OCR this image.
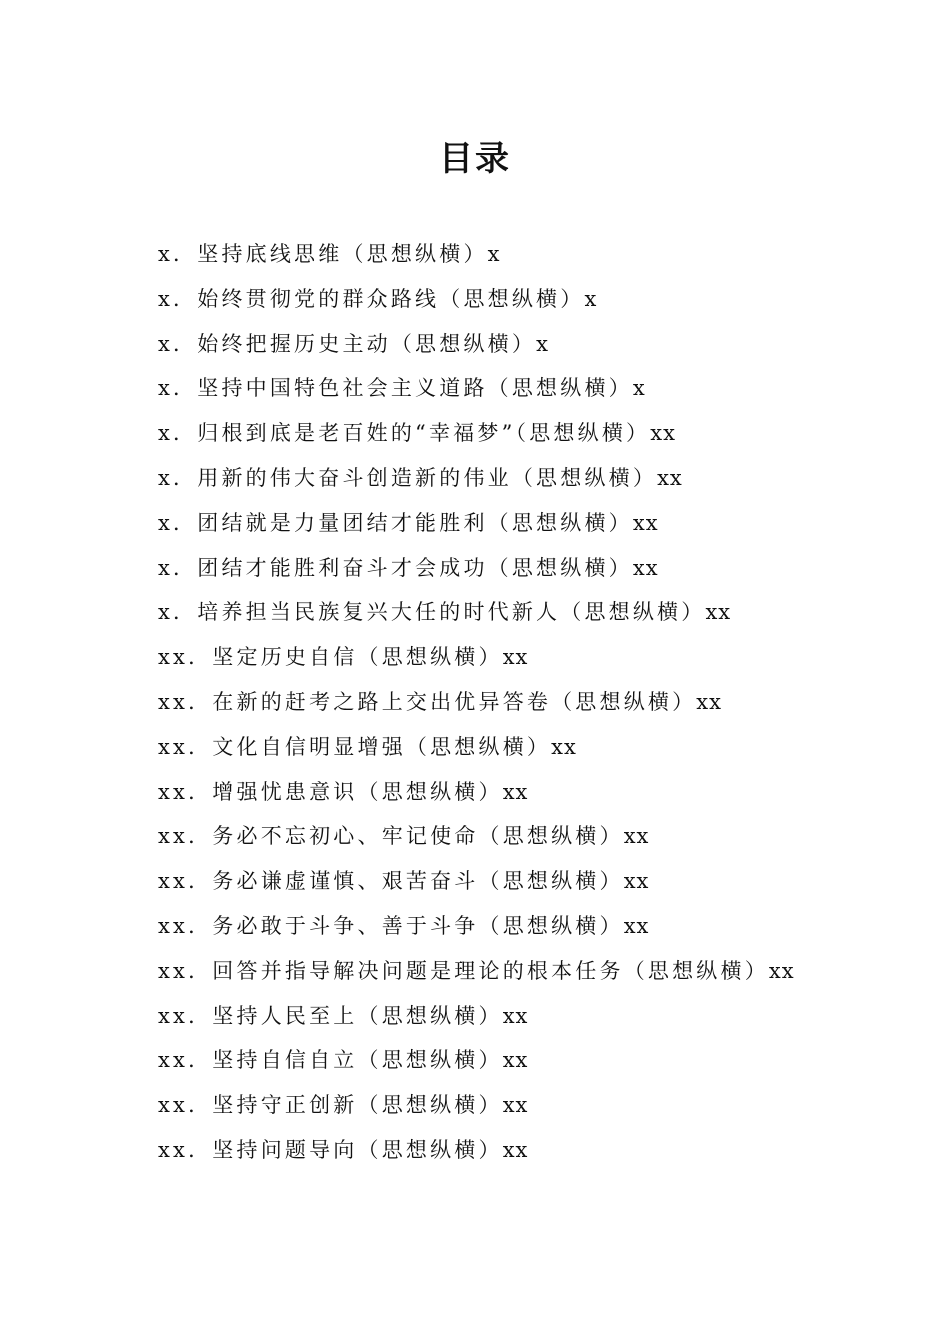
目录
x．坚持底线思维（思想纵横）x
x．始终贯彻党的群众路线（思想纵横）x
x．始终把握历史主动（思想纵横）x
x．坚持中国特色社会主义道路（思想纵横）x
x．归根到底是老百姓的“幸福梦”（思想纵横）xx
x．用新的伟大奋斗创造新的伟业（思想纵横）xx
x．团结就是力量团结才能胜利（思想纵横）xx
x．团结才能胜利奋斗才会成功（思想纵横）xx
x．培养担当民族复兴大任的时代新人（思想纵横）xx
xx．坚定历史自信（思想纵横）xx
xx．在新的赶考之路上交出优异答卷（思想纵横）xx
xx．文化自信明显增强（思想纵横）xx
xx．增强忧患意识（思想纵横）xx
xx．务必不忘初心、牢记使命（思想纵横）xx
xx．务必谦虚谨慎、艰苦奋斗（思想纵横）xx
xx．务必敢于斗争、善于斗争（思想纵横）xx
xx．回答并指导解决问题是理论的根本任务（思想纵横）xx
xx．坚持人民至上（思想纵横）xx
xx．坚持自信自立（思想纵横）xx
xx．坚持守正创新（思想纵横）xx
xx．坚持问题导向（思想纵横）xx
